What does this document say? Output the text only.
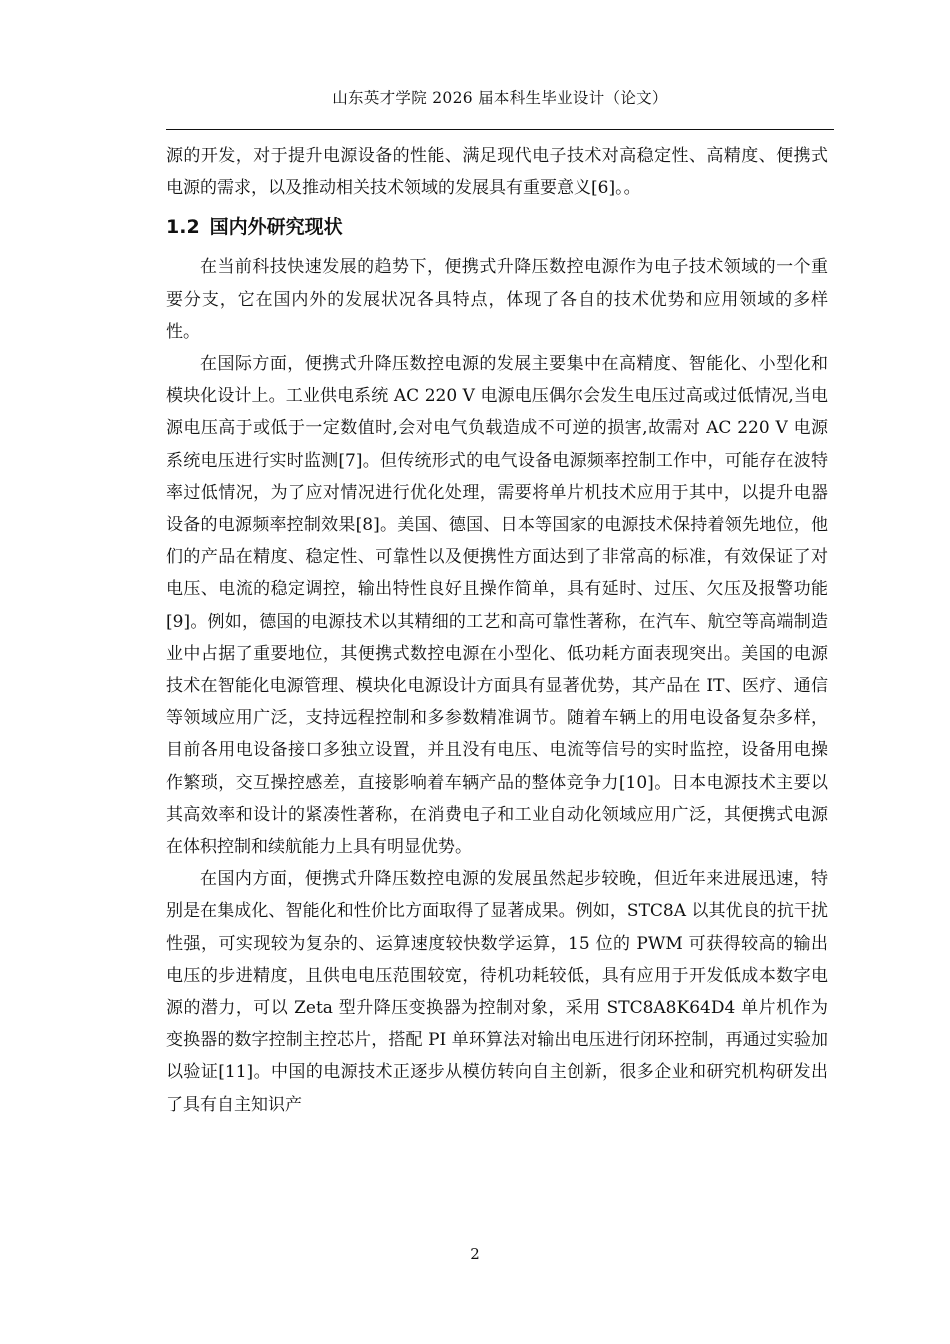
山东英才学院 2026 届本科生毕业设计（论文）

源的开发，对于提升电源设备的性能、满足现代电子技术对高稳定性、高精度、便携式电源的需求，以及推动相关技术领域的发展具有重要意义[6]。。

1.2 国内外研究现状

在当前科技快速发展的趋势下，便携式升降压数控电源作为电子技术领域的一个重要分支，它在国内外的发展状况各具特点，体现了各自的技术优势和应用领域的多样性。

在国际方面，便携式升降压数控电源的发展主要集中在高精度、智能化、小型化和模块化设计上。工业供电系统 AC 220 V 电源电压偶尔会发生电压过高或过低情况,当电源电压高于或低于一定数值时,会对电气负载造成不可逆的损害,故需对 AC 220 V 电源系统电压进行实时监测[7]。但传统形式的电气设备电源频率控制工作中，可能存在波特率过低情况，为了应对情况进行优化处理，需要将单片机技术应用于其中，以提升电器设备的电源频率控制效果[8]。美国、德国、日本等国家的电源技术保持着领先地位，他们的产品在精度、稳定性、可靠性以及便携性方面达到了非常高的标准，有效保证了对电压、电流的稳定调控，输出特性良好且操作简单，具有延时、过压、欠压及报警功能[9]。例如，德国的电源技术以其精细的工艺和高可靠性著称，在汽车、航空等高端制造业中占据了重要地位，其便携式数控电源在小型化、低功耗方面表现突出。美国的电源技术在智能化电源管理、模块化电源设计方面具有显著优势，其产品在 IT、医疗、通信等领域应用广泛，支持远程控制和多参数精准调节。随着车辆上的用电设备复杂多样，目前各用电设备接口多独立设置，并且没有电压、电流等信号的实时监控，设备用电操作繁琐，交互操控感差，直接影响着车辆产品的整体竞争力[10]。日本电源技术主要以其高效率和设计的紧凑性著称，在消费电子和工业自动化领域应用广泛，其便携式电源在体积控制和续航能力上具有明显优势。

在国内方面，便携式升降压数控电源的发展虽然起步较晚，但近年来进展迅速，特别是在集成化、智能化和性价比方面取得了显著成果。例如，STC8A 以其优良的抗干扰性强，可实现较为复杂的、运算速度较快数学运算，15 位的 PWM 可获得较高的输出电压的步进精度，且供电电压范围较宽，待机功耗较低，具有应用于开发低成本数字电源的潜力，可以 Zeta 型升降压变换器为控制对象，采用 STC8A8K64D4 单片机作为变换器的数字控制主控芯片，搭配 PI 单环算法对输出电压进行闭环控制，再通过实验加以验证[11]。中国的电源技术正逐步从模仿转向自主创新，很多企业和研究机构研发出了具有自主知识产

2
